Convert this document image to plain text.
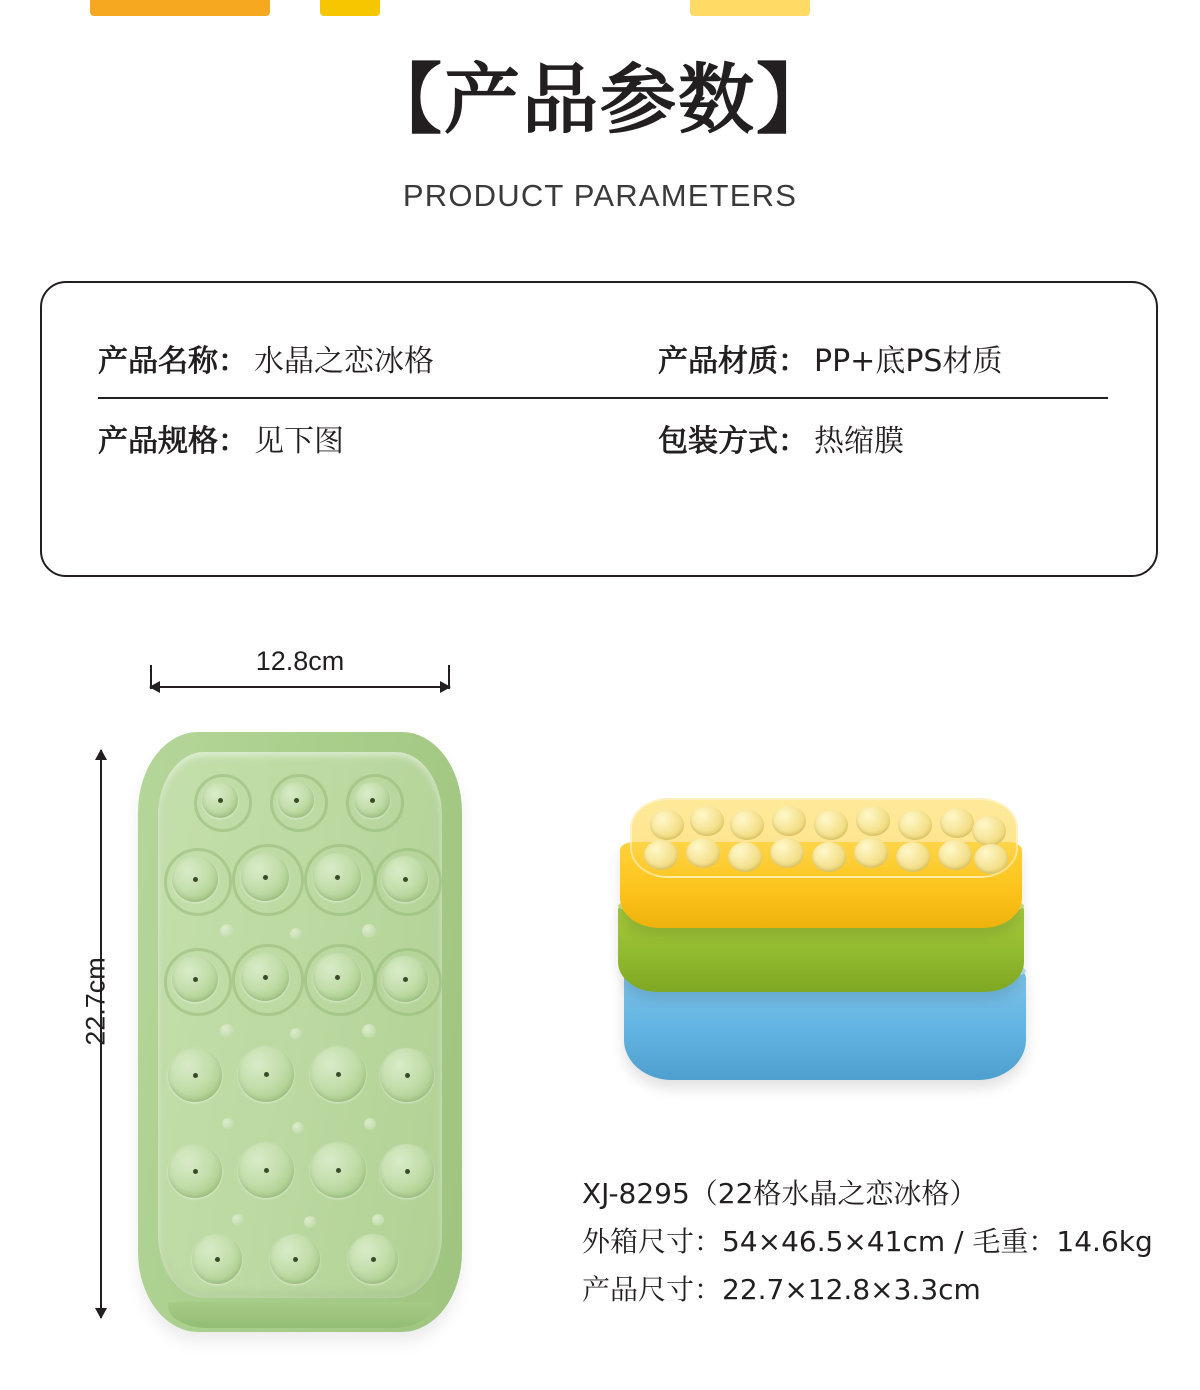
【产品参数】
PRODUCT PARAMETERS
产品名称： 水晶之恋冰格	产品材质： PP+底PS材质
产品规格： 见下图	包装方式： 热缩膜
12.8cm
22.7cm
XJ-8295（22格水晶之恋冰格）
外箱尺寸：54×46.5×41cm / 毛重：14.6kg
产品尺寸：22.7×12.8×3.3cm
